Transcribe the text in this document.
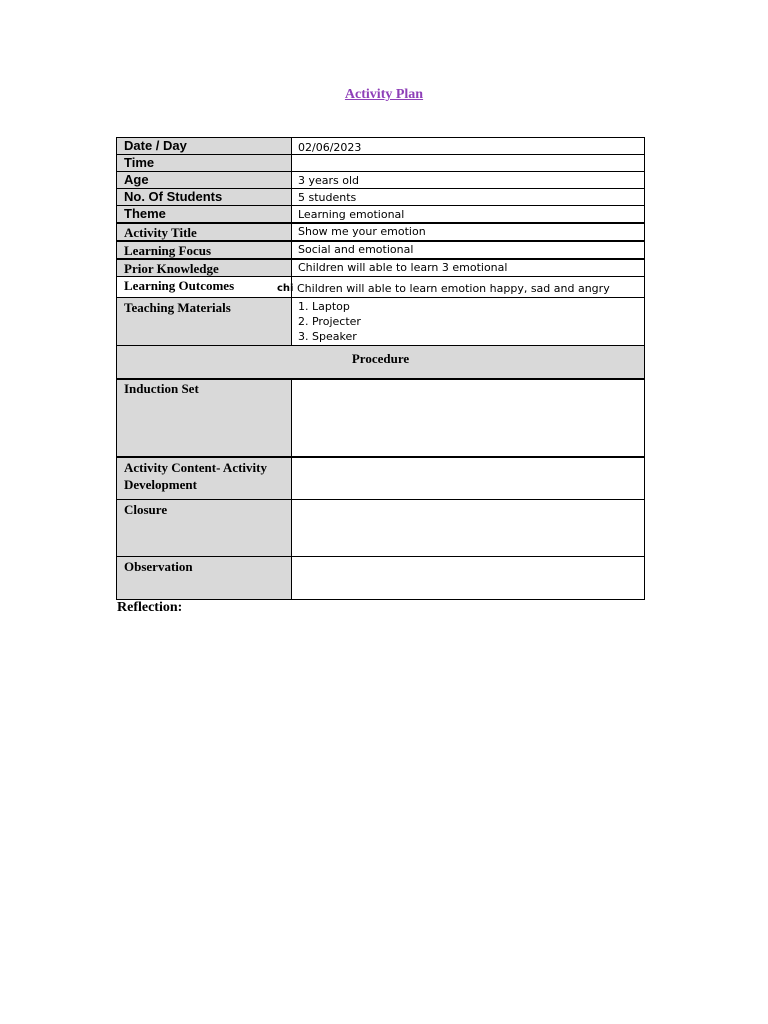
Activity Plan
Date / Day	02/06/2023
Time
Age	3 years old
No. Of Students	5 students
Theme	Learning emotional
Activity Title	Show me your emotion
Learning Focus	Social and emotional
Prior Knowledge	Children will able to learn 3 emotional
Learning Outcomes	chi Children will able to learn emotion happy, sad and angry
Teaching Materials	1. Laptop
2. Projecter
3. Speaker
Procedure
Induction Set
Activity Content- Activity Development
Closure
Observation
Reflection:
